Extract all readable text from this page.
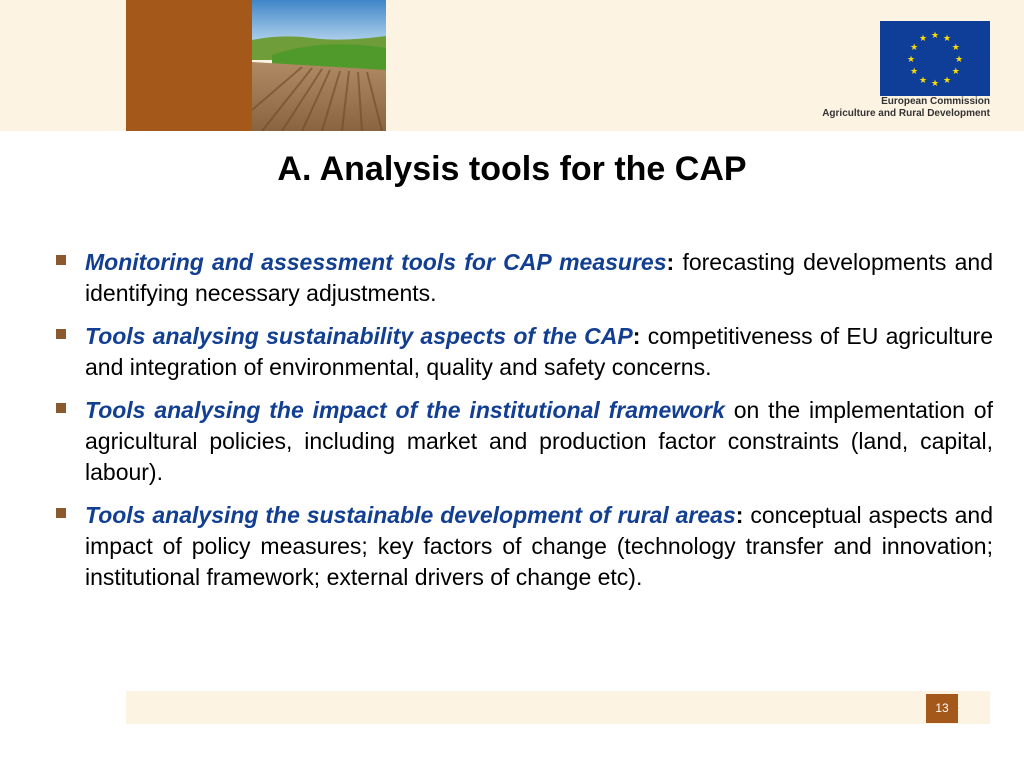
★ ★
★
★
★
★
★
★
★
★
★
★
European Commission
Agriculture and Rural Development
A. Analysis tools for the CAP
Monitoring and assessment tools for CAP measures: forecasting developments and identifying necessary adjustments.
Tools analysing sustainability aspects of the CAP: competitiveness of EU agriculture and integration of environmental, quality and safety concerns.
Tools analysing the impact of the institutional framework on the implementation of agricultural policies, including market and production factor constraints (land, capital, labour).
Tools analysing the sustainable development of rural areas: conceptual aspects and impact of policy measures; key factors of change (technology transfer and innovation; institutional framework; external drivers of change etc).
13
